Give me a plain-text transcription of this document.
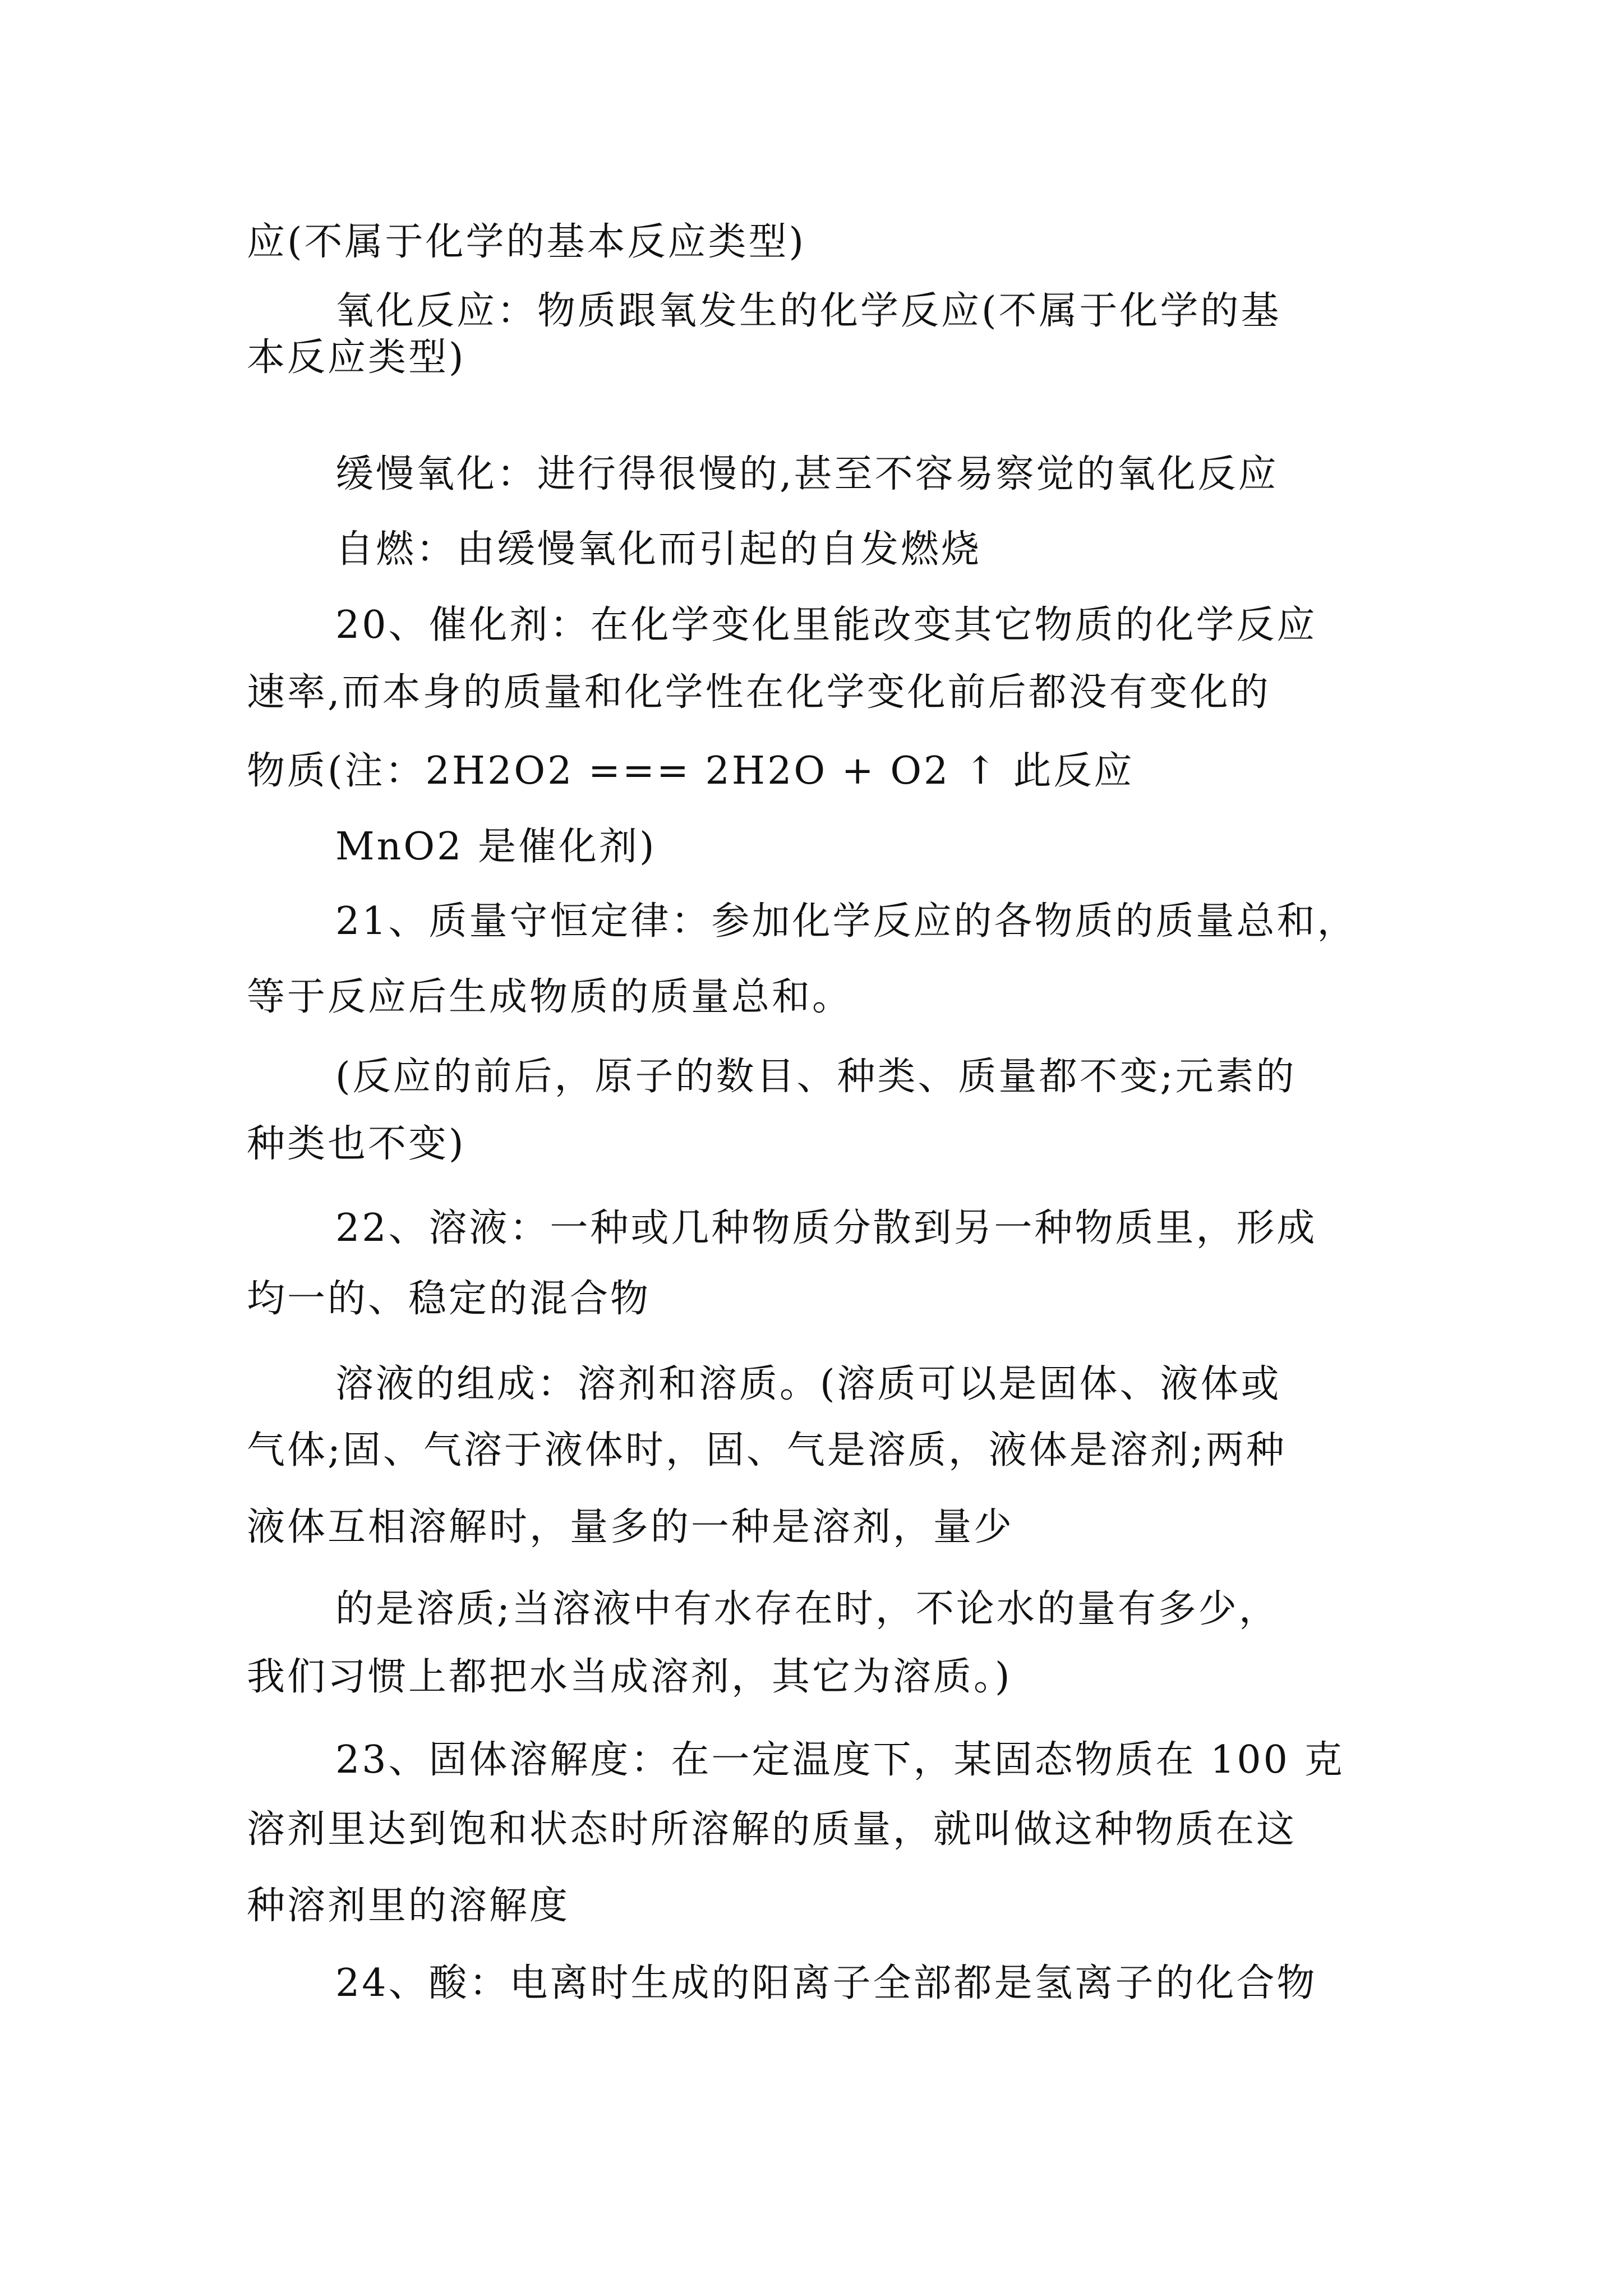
应(不属于化学的基本反应类型)
氧化反应：物质跟氧发生的化学反应(不属于化学的基
本反应类型)
缓慢氧化：进行得很慢的,甚至不容易察觉的氧化反应
自燃：由缓慢氧化而引起的自发燃烧
20、催化剂：在化学变化里能改变其它物质的化学反应
速率,而本身的质量和化学性在化学变化前后都没有变化的
物质(注：2H2O2 === 2H2O + O2 ↑ 此反应
MnO2 是催化剂)
21、质量守恒定律：参加化学反应的各物质的质量总和，
等于反应后生成物质的质量总和。
(反应的前后，原子的数目、种类、质量都不变;元素的
种类也不变)
22、溶液：一种或几种物质分散到另一种物质里，形成
均一的、稳定的混合物
溶液的组成：溶剂和溶质。(溶质可以是固体、液体或
气体;固、气溶于液体时，固、气是溶质，液体是溶剂;两种
液体互相溶解时，量多的一种是溶剂，量少
的是溶质;当溶液中有水存在时，不论水的量有多少，
我们习惯上都把水当成溶剂，其它为溶质。)
23、固体溶解度：在一定温度下，某固态物质在 100 克
溶剂里达到饱和状态时所溶解的质量，就叫做这种物质在这
种溶剂里的溶解度
24、酸：电离时生成的阳离子全部都是氢离子的化合物
